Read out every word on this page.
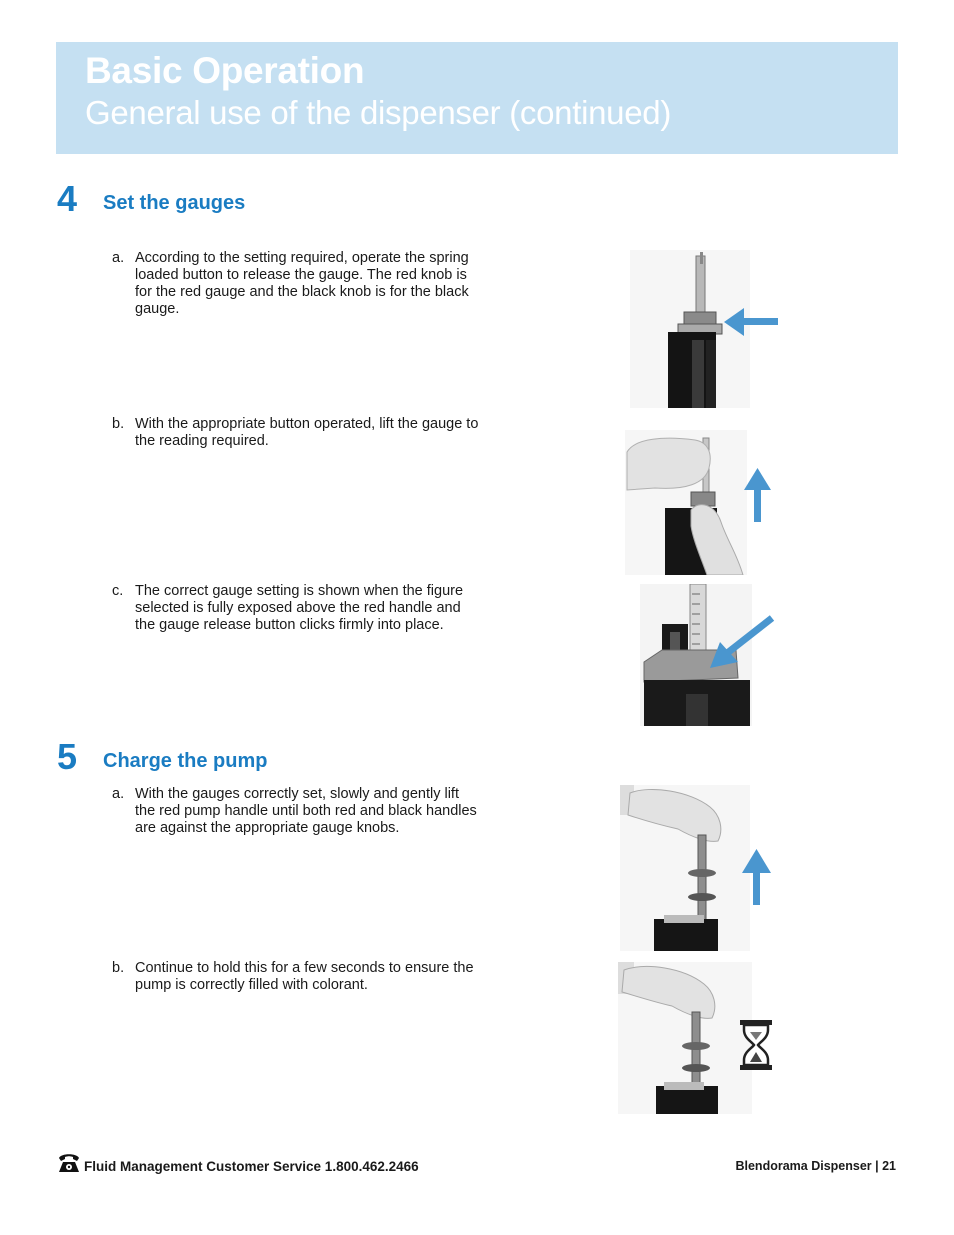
Basic Operation
General use of the dispenser (continued)
4 Set the gauges
a. According to the setting required, operate the spring loaded button to release the gauge. The red knob is for the red gauge and the black knob is for the black gauge.
b. With the appropriate button operated, lift the gauge to the reading required.
c. The correct gauge setting is shown when the figure selected is fully exposed above the red handle and the gauge release button clicks firmly into place.
5 Charge the pump
a. With the gauges correctly set, slowly and gently lift the red pump handle until both red and black handles are against the appropriate gauge knobs.
b. Continue to hold this for a few seconds to ensure the pump is correctly filled with colorant.
Fluid Management Customer Service 1.800.462.2466	Blendorama Dispenser | 21
